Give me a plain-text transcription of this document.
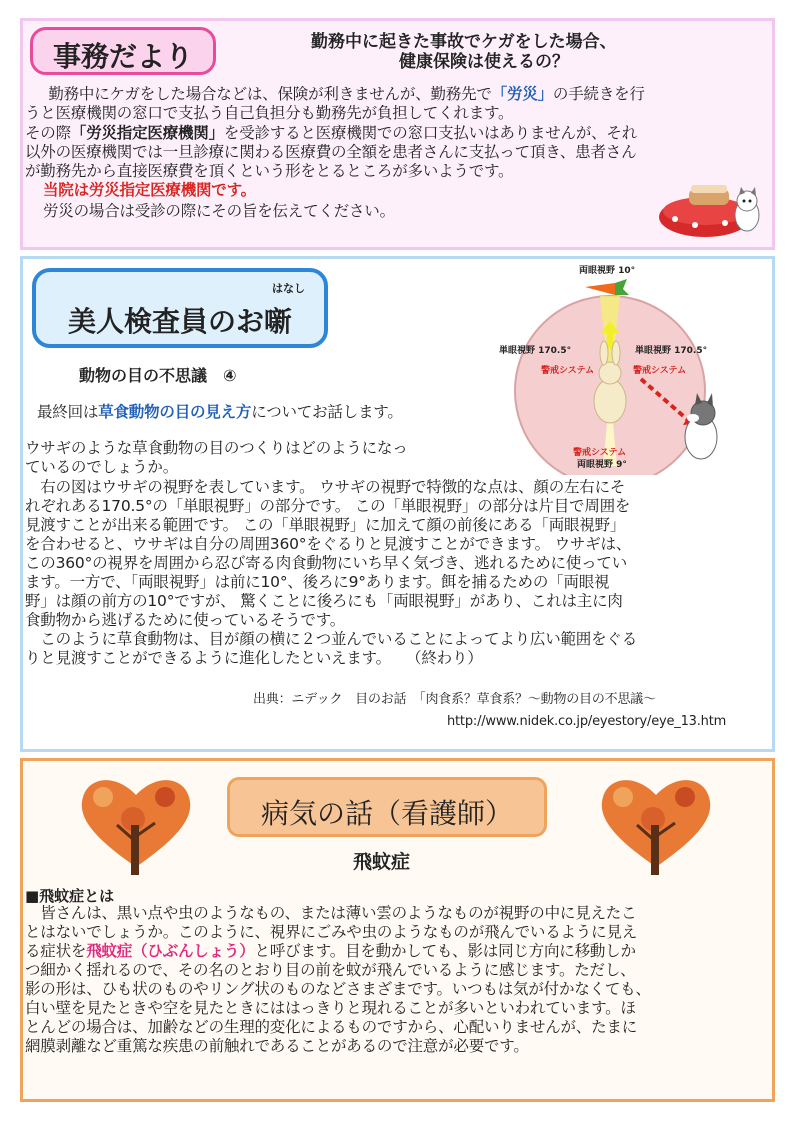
事務だより	勤務中に起きた事故でケガをした場合、
健康保険は使えるの？

　勤務中にケガをした場合などは、保険が利きませんが、勤務先で「労災」の手続きを行

うと医療機関の窓口で支払う自己負担分も勤務先が負担してくれます。

その際「労災指定医療機関」を受診すると医療機関での窓口支払いはありませんが、それ

以外の医療機関では一旦診療に関わる医療費の全額を患者さんに支払って頂き、患者さん

が勤務先から直接医療費を頂くという形をとるところが多いようです。

当院は労災指定医療機関です。

労災の場合は受診の際にその旨を伝えてください。

はなし
美人検査員のお噺
動物の目の不思議　④

最終回は草食動物の目の見え方についてお話します。

ウサギのような草食動物の目のつくりはどのようになっ
ているのでしょうか。

　右の図はウサギの視野を表しています。 ウサギの視野で特徴的な点は、顔の左右にそ
れぞれある170.5°の「単眼視野」の部分です。 この「単眼視野」の部分は片目で周囲を
見渡すことが出来る範囲です。 この「単眼視野」に加えて顔の前後にある「両眼視野」
を合わせると、ウサギは自分の周囲360°をぐるりと見渡すことができます。 ウサギは、
この360°の視界を周囲から忍び寄る肉食動物にいち早く気づき、逃れるために使ってい
ます。一方で、「両眼視野」は前に10°、後ろに9°あります。餌を捕るための「両眼視
野」は顔の前方の10°ですが、 驚くことに後ろにも「両眼視野」があり、これは主に肉
食動物から逃げるために使っているそうです。
　このように草食動物は、目が顔の横に２つ並んでいることによってより広い範囲をぐる
りと見渡すことができるように進化したといえます。　　（終わり）

出典：ニデック　目のお話　「肉食系？草食系？～動物の目の不思議～

http://www.nidek.co.jp/eyestory/eye_13.htm

両眼視野 10°
単眼視野 170.5°	単眼視野 170.5°
警戒システム	警戒システム
警戒システム
両眼視野 9°
病気の話（看護師）
飛蚊症
■飛蚊症とは

　皆さんは、黒い点や虫のようなもの、または薄い雲のようなものが視野の中に見えたこ
とはないでしょうか。このように、視界にごみや虫のようなものが飛んでいるように見え
る症状を飛蚊症（ひぶんしょう）と呼びます。目を動かしても、影は同じ方向に移動しか
つ細かく揺れるので、その名のとおり目の前を蚊が飛んでいるように感じます。ただし、
影の形は、ひも状のものやリング状のものなどさまざまです。いつもは気が付かなくても、
白い壁を見たときや空を見たときにははっきりと現れることが多いといわれています。ほ
とんどの場合は、加齢などの生理的変化によるものですから、心配いりませんが、たまに
網膜剥離など重篤な疾患の前触れであることがあるので注意が必要です。
